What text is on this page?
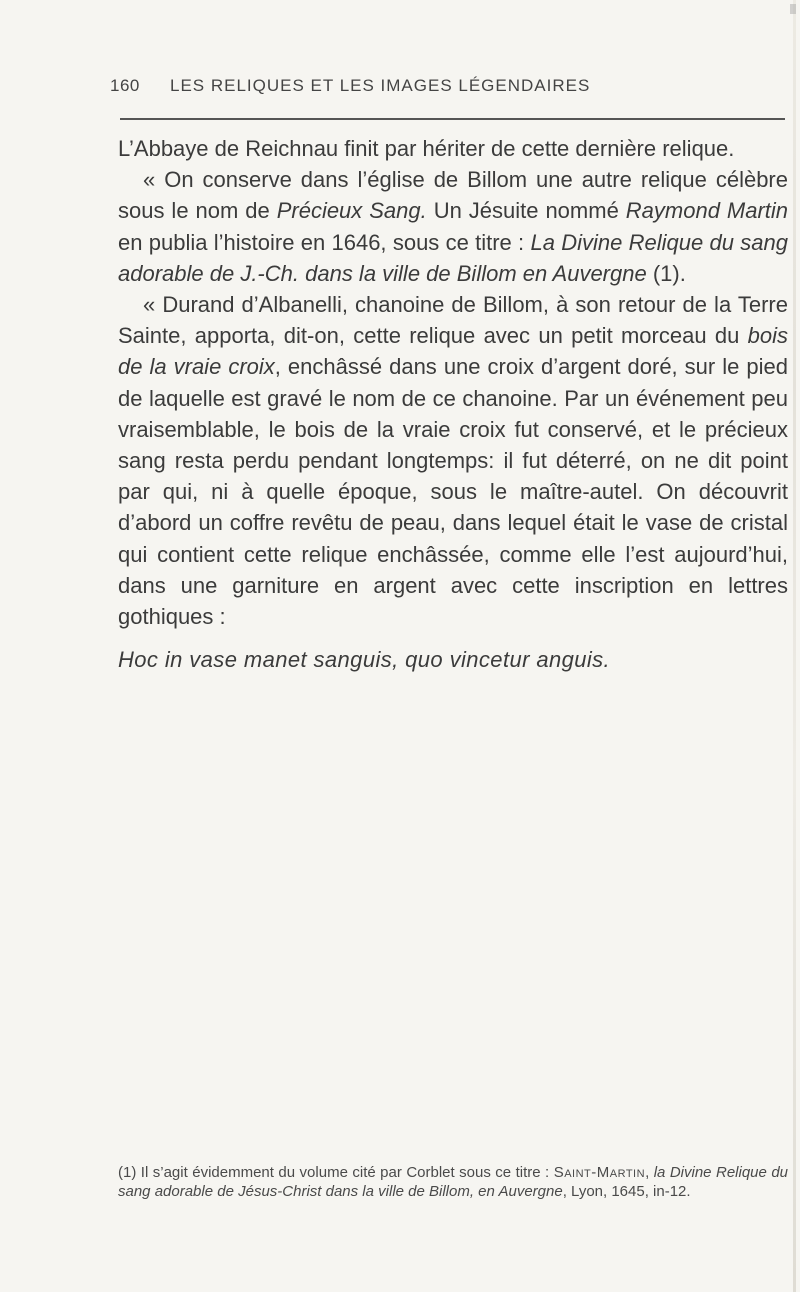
160 LES RELIQUES ET LES IMAGES LÉGENDAIRES

L’Abbaye de Reichnau finit par hériter de cette dernière relique.

« On conserve dans l’église de Billom une autre relique célèbre sous le nom de Précieux Sang. Un Jésuite nommé Raymond Martin en publia l’histoire en 1646, sous ce titre : La Divine Relique du sang adorable de J.-Ch. dans la ville de Billom en Auvergne (1).

« Durand d’Albanelli, chanoine de Billom, à son retour de la Terre Sainte, apporta, dit-on, cette relique avec un petit morceau du bois de la vraie croix, enchâssé dans une croix d’argent doré, sur le pied de laquelle est gravé le nom de ce chanoine. Par un événement peu vraisemblable, le bois de la vraie croix fut conservé, et le précieux sang resta perdu pendant longtemps: il fut déterré, on ne dit point par qui, ni à quelle époque, sous le maître-autel. On découvrit d’abord un coffre revêtu de peau, dans lequel était le vase de cristal qui contient cette relique enchâssée, comme elle l’est aujourd’hui, dans une garniture en argent avec cette inscription en lettres gothiques :

Hoc in vase manet sanguis, quo vincetur anguis.

(1) Il s’agit évidemment du volume cité par Corblet sous ce titre : Saint-Martin, la Divine Relique du sang adorable de Jésus-Christ dans la ville de Billom, en Auvergne, Lyon, 1645, in-12.
